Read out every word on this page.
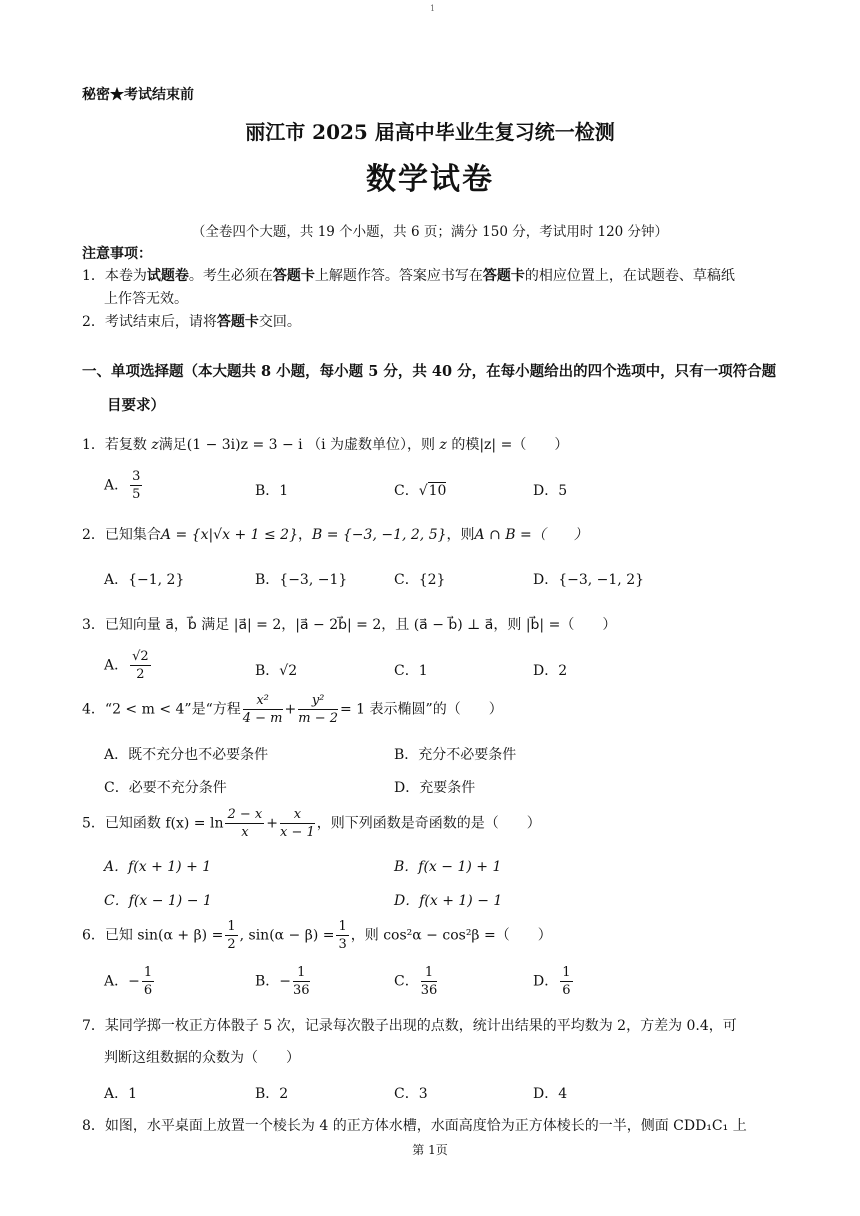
1
秘密★考试结束前
丽江市 2025 届高中毕业生复习统一检测
数学试卷
（全卷四个大题，共 19 个小题，共 6 页；满分 150 分，考试用时 120 分钟）
注意事项：
1．本卷为试题卷。考生必须在答题卡上解题作答。答案应书写在答题卡的相应位置上，在试题卷、草稿纸
上作答无效。
2．考试结束后，请将答题卡交回。
一、单项选择题（本大题共 8 小题，每小题 5 分，共 40 分，在每小题给出的四个选项中，只有一项符合题
目要求）
1．若复数 z满足(1 − 3i)z = 3 − i （i 为虚数单位），则 z 的模|z| =（　　）
A． $\frac{3}{5}$	B．1	C．√10	D．5
2．已知集合A = {x|√x + 1 ≤ 2}，B = {−3, −1, 2, 5}，则A ∩ B =（　　）
A．{−1, 2}	B．{−3, −1}	C．{2}	D．{−3, −1, 2}
3．已知向量 a⃗，b⃗ 满足 |a⃗| = 2，|a⃗ − 2b⃗| = 2，且 (a⃗ − b⃗) ⊥ a⃗，则 |b⃗| =（　　）
A． $\frac{√2}{2}$	B．√2	C．1	D．2
4．“2 < m < 4”是“方程 $\frac{\text{x²}}{4 - m} + \frac{\text{y²}}{m - 2} = 1$ 表示椭圆”的（　　）
A．既不充分也不必要条件	B．充分不必要条件
C．必要不充分条件	D．充要条件
5．已知函数 $f(x) = \ln \frac{2 - x}{x} + \frac{x}{x - 1}$ ，则下列函数是奇函数的是（　　）
A．f(x + 1) + 1	B．f(x − 1) + 1
C．f(x − 1) − 1	D．f(x + 1) − 1
6．已知 $\sin(\alpha + \beta) = \frac{1}{2}$ , $\sin(\alpha - \beta) = \frac{1}{3}$ ，则 cos²α − cos²β =（　　）
A．− $\frac{1}{6}$	B．− $\frac{1}{36}$	C． $\frac{1}{36}$	D． $\frac{1}{6}$
7．某同学掷一枚正方体骰子 5 次，记录每次骰子出现的点数，统计出结果的平均数为 2，方差为 0.4，可
判断这组数据的众数为（　　）
A．1	B．2	C．3	D．4
8．如图，水平桌面上放置一个棱长为 4 的正方体水槽，水面高度恰为正方体棱长的一半，侧面 CDD₁C₁ 上
第 1页
